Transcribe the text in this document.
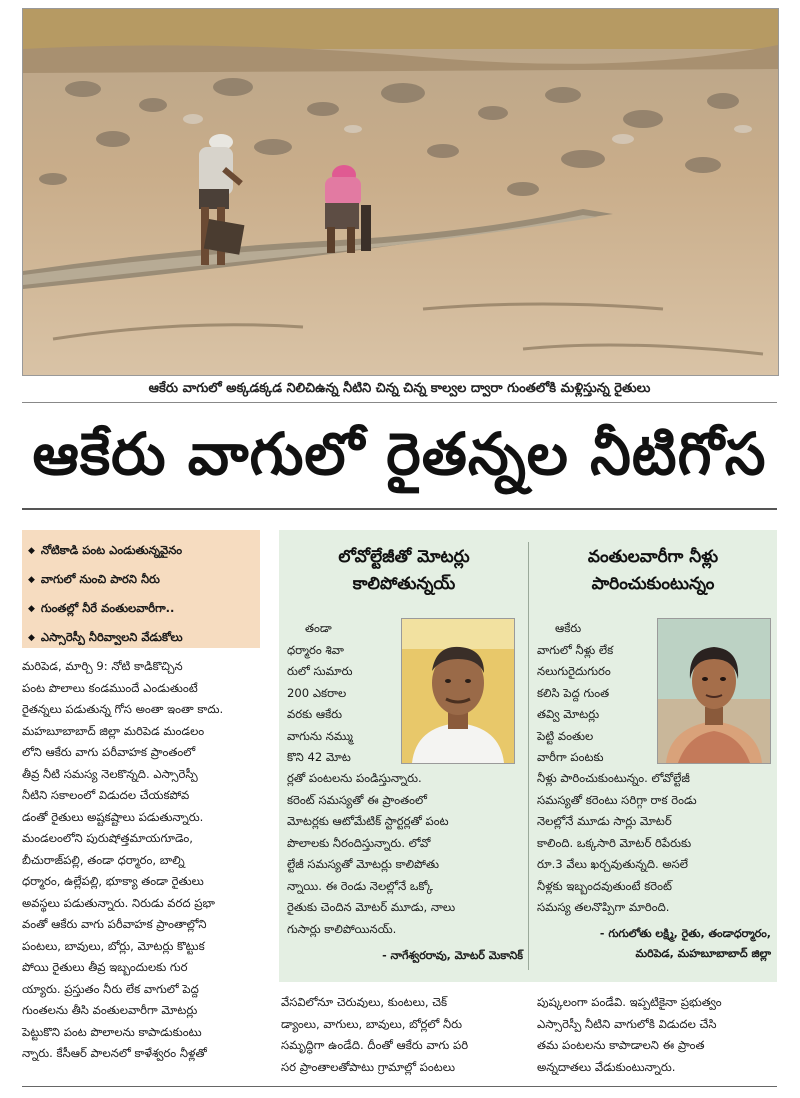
ఆకేరు వాగులో అక్కడక్కడ నిలిచిఉన్న నీటిని చిన్న చిన్న కాల్వల ద్వారా గుంతలోకి మళ్లిస్తున్న రైతులు
ఆకేరు వాగులో రైతన్నల నీటిగోస
◆ నోటికాడి పంట ఎండుతున్నవైనం
◆ వాగులో నుంచి పారని నీరు
◆ గుంతల్లో నీరే వంతులవారీగా..
◆ ఎస్సారెస్పీ నీరివ్వాలని వేడుకోలు

మరిపెడ, మార్చి 9: నోటి కాడికొచ్చిన

పంట పొలాలు కండముందే ఎండుతుంటే

రైతన్నలు పడుతున్న గోస అంతా ఇంతా కాదు.

మహబూబాబాద్ జిల్లా మరిపెడ మండలం

లోని ఆకేరు వాగు పరీవాహక ప్రాంతంలో

తీవ్ర నీటి సమస్య నెలకొన్నది. ఎస్సారెస్పీ

నీటిని సకాలంలో విడుదల చేయకపోవ

డంతో రైతులు అష్టకష్టాలు పడుతున్నారు.

మండలంలోని పురుషోత్తమాయగూడెం,

బీచురాజ్‌పల్లి, తండా ధర్మారం, బాల్ని

ధర్మారం, ఉల్లేపల్లి, భూక్యా తండా రైతులు

అవస్థలు పడుతున్నారు. నిరుడు వరద ప్రభా

వంతో ఆకేరు వాగు పరీవాహక ప్రాంతాల్లోని

పంటలు, బావులు, బోర్లు, మోటర్లు కొట్టుక

పోయి రైతులు తీవ్ర ఇబ్బందులకు గుర

య్యారు. ప్రస్తుతం నీరు లేక వాగులో పెద్ద

గుంతలను తీసి వంతులవారీగా మోటర్లు

పెట్టుకొని పంట పొలాలను కాపాడుకుంటు

న్నారు. కేసీఆర్ పాలనలో కాళేశ్వరం నీళ్లతో

లోవోల్టేజీతో మోటర్లు
కాలిపోతున్నయ్
తండా
ధర్మారం శివా
రులో సుమారు
200 ఎకరాల
వరకు ఆకేరు
వాగును నమ్ము
కొని 42 మోట
ర్లతో పంటలను పండిస్తున్నారు.
కరెంట్ సమస్యతో ఈ ప్రాంతంలో
మోటర్లకు ఆటోమేటిక్ స్టార్టర్లతో పంట
పొలాలకు నీరందిస్తున్నారు. లోవో
ల్టేజీ సమస్యతో మోటర్లు కాలిపోతు
న్నాయి. ఈ రెండు నెలల్లోనే ఒక్కో
రైతుకు చెందిన మోటర్ మూడు, నాలు
గుసార్లు కాలిపోయినయ్.
- నాగేశ్వరరావు, మోటర్ మెకానిక్
వంతులవారీగా నీళ్లు
పారించుకుంటున్నం
ఆకేరు
వాగులో నీళ్లు లేక
నలుగురైదుగురం
కలిసి పెద్ద గుంత
తవ్వి మోటర్లు
పెట్టి వంతుల
వారీగా పంటకు
నీళ్లు పారించుకుంటున్నం. లోవోల్టేజీ
సమస్యతో కరెంటు సరిగ్గా రాక రెండు
నెలల్లోనే మూడు సార్లు మోటర్
కాలింది. ఒక్కసారి మోటర్ రిపేరుకు
రూ.3 వేలు ఖర్చవుతున్నది. అసలే
నీళ్లకు ఇబ్బందవుతుంటే కరెంట్
సమస్య తలనొప్పిగా మారింది.
- గుగులోతు లక్ష్మి, రైతు, తండాధర్మారం,
మరిపెడ, మహబూబాబాద్ జిల్లా

వేసవిలోనూ చెరువులు, కుంటలు, చెక్

డ్యాంలు, వాగులు, బావులు, బోర్లలో నీరు

సమృద్ధిగా ఉండేది. దీంతో ఆకేరు వాగు పరి

సర ప్రాంతాలతోపాటు గ్రామాల్లో పంటలు

పుష్కలంగా పండేవి. ఇప్పటికైనా ప్రభుత్వం

ఎస్సారెస్పీ నీటిని వాగులోకి విడుదల చేసి

తమ పంటలను కాపాడాలని ఈ ప్రాంత

అన్నదాతలు వేడుకుంటున్నారు.
